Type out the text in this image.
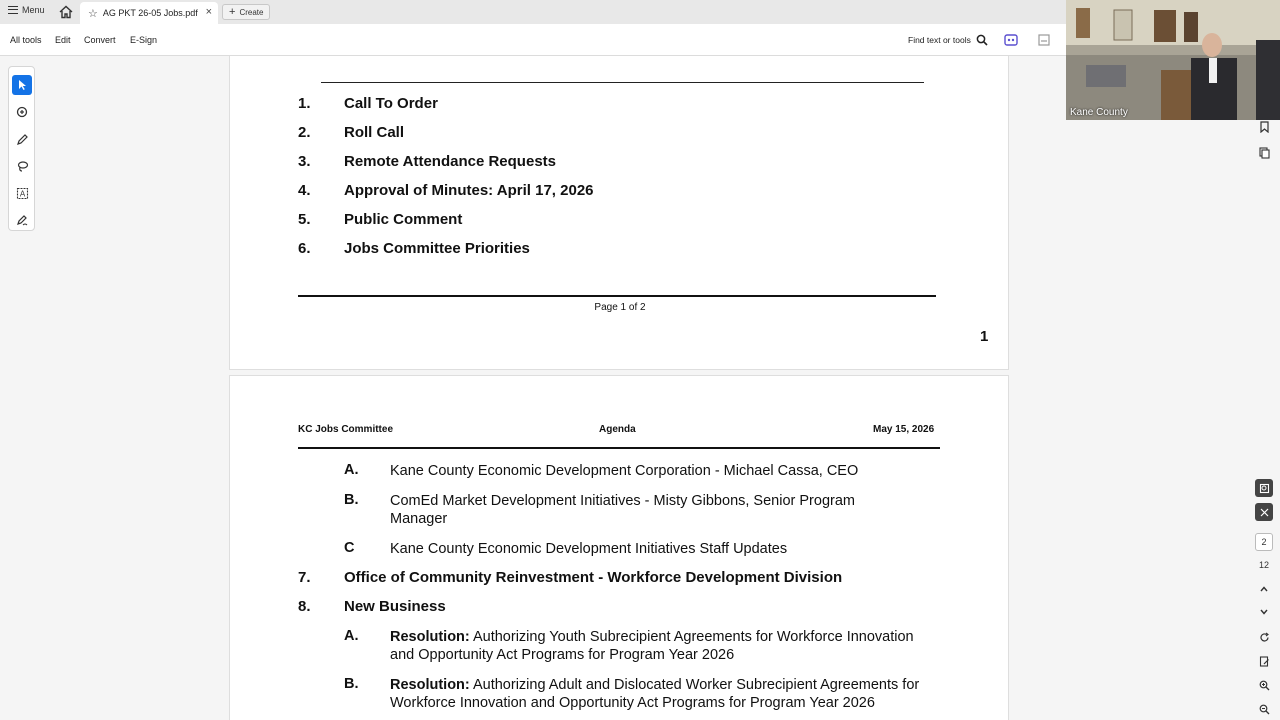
Menu	☆ AG PKT 26-05 Jobs.pdf × + Create
All tools Edit Convert E-Sign	Find text or tools
A
1. Call To Order
2. Roll Call
3. Remote Attendance Requests
4. Approval of Minutes: April 17, 2026
5. Public Comment
6. Jobs Committee Priorities
Page 1 of 2
1
KC Jobs Committee	Agenda	May 15, 2026
A. Kane County Economic Development Corporation - Michael Cassa, CEO
B. ComEd Market Development Initiatives - Misty Gibbons, Senior Program Manager
C Kane County Economic Development Initiatives Staff Updates
7. Office of Community Reinvestment - Workforce Development Division
8. New Business
A. Resolution: Authorizing Youth Subrecipient Agreements for Workforce Innovation and Opportunity Act Programs for Program Year 2026
B. Resolution: Authorizing Adult and Dislocated Worker Subrecipient Agreements for Workforce Innovation and Opportunity Act Programs for Program Year 2026
2
12
Kane County
